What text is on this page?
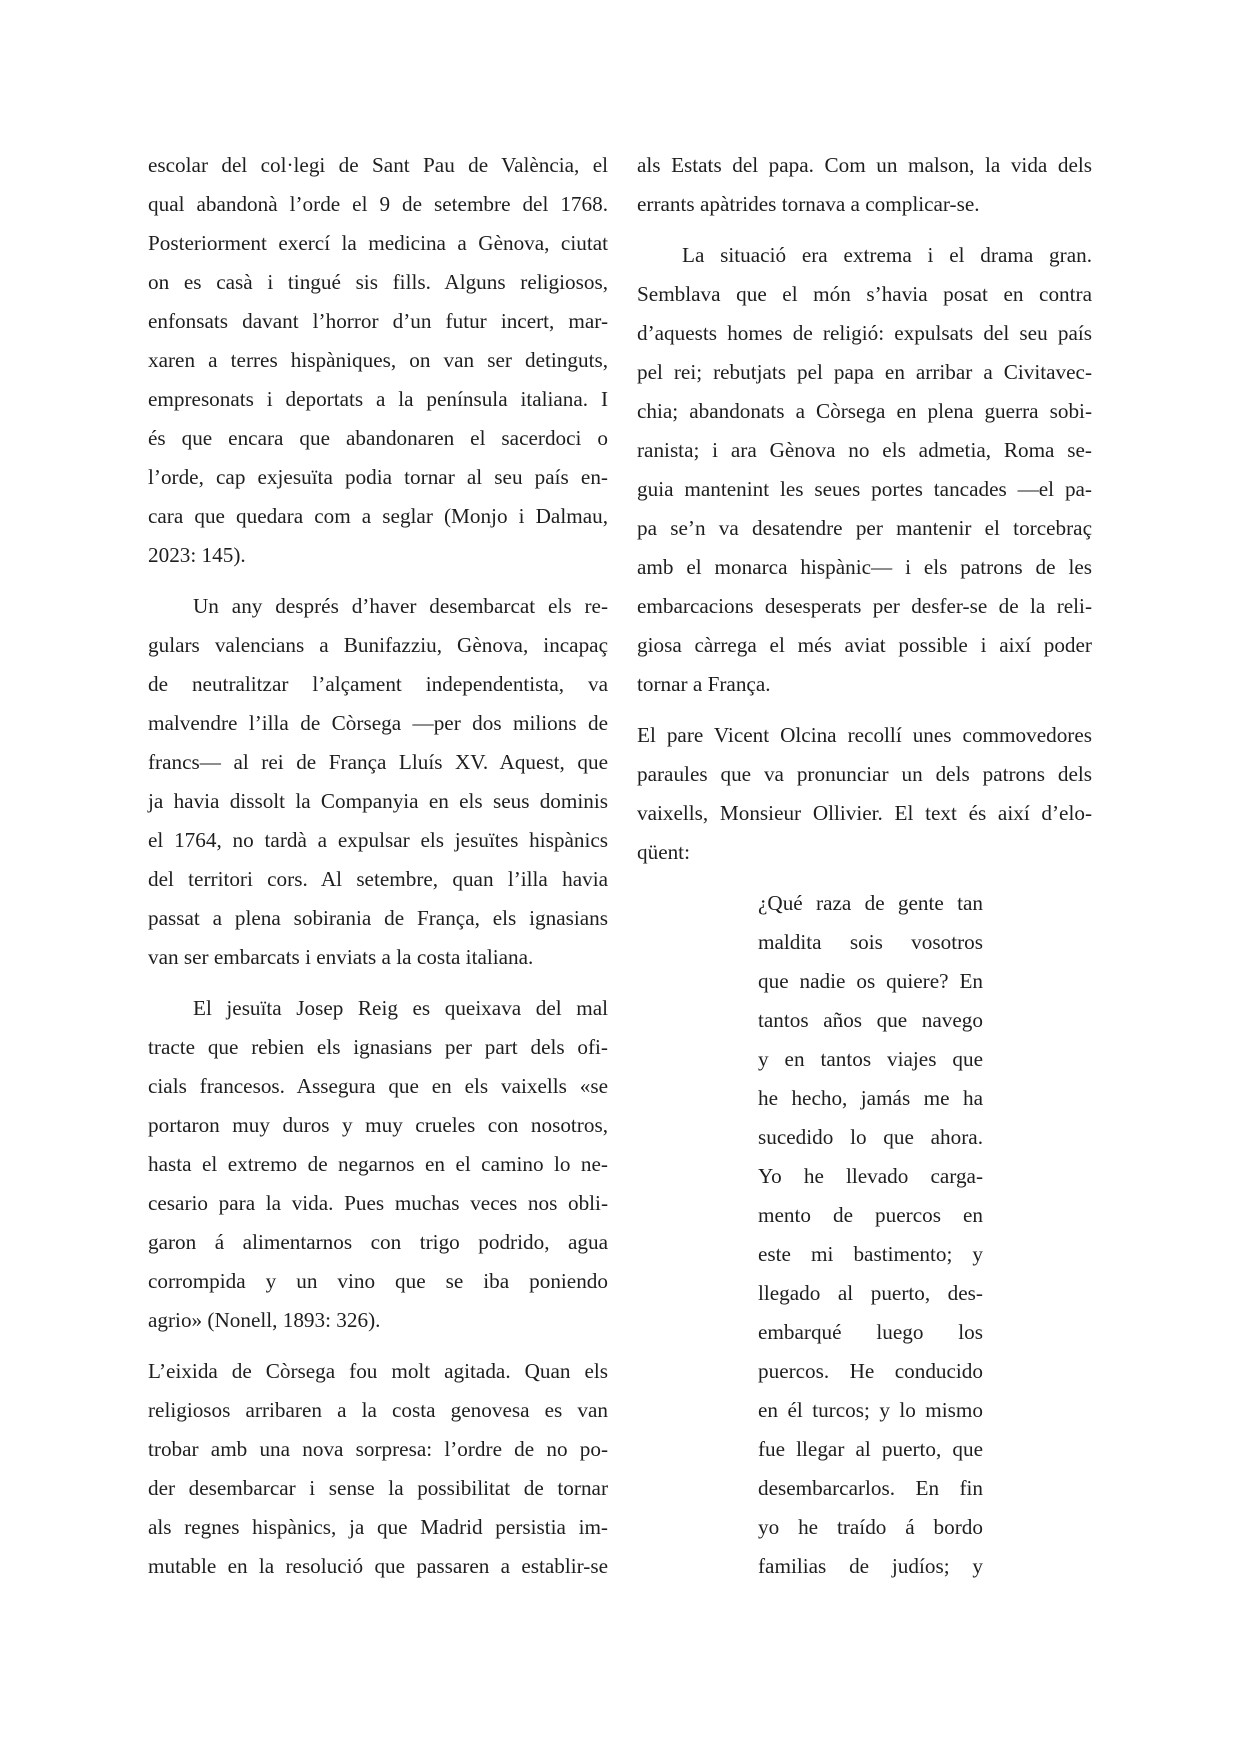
escolar del col·legi de Sant Pau de València, el
qual abandonà l’orde el 9 de setembre del 1768.
Posteriorment exercí la medicina a Gènova, ciutat
on es casà i tingué sis fills. Alguns religiosos,
enfonsats davant l’horror d’un futur incert, mar-
xaren a terres hispàniques, on van ser detinguts,
empresonats i deportats a la península italiana. I
és que encara que abandonaren el sacerdoci o
l’orde, cap exjesuïta podia tornar al seu país en-
cara que quedara com a seglar (Monjo i Dalmau,
2023: 145).
Un any després d’haver desembarcat els re-
gulars valencians a Bunifazziu, Gènova, incapaç
de neutralitzar l’alçament independentista, va
malvendre l’illa de Còrsega —per dos milions de
francs— al rei de França Lluís XV. Aquest, que
ja havia dissolt la Companyia en els seus dominis
el 1764, no tardà a expulsar els jesuïtes hispànics
del territori cors. Al setembre, quan l’illa havia
passat a plena sobirania de França, els ignasians
van ser embarcats i enviats a la costa italiana.
El jesuïta Josep Reig es queixava del mal
tracte que rebien els ignasians per part dels ofi-
cials francesos. Assegura que en els vaixells «se
portaron muy duros y muy crueles con nosotros,
hasta el extremo de negarnos en el camino lo ne-
cesario para la vida. Pues muchas veces nos obli-
garon á alimentarnos con trigo podrido, agua
corrompida y un vino que se iba poniendo
agrio» (Nonell, 1893: 326).
L’eixida de Còrsega fou molt agitada. Quan els
religiosos arribaren a la costa genovesa es van
trobar amb una nova sorpresa: l’ordre de no po-
der desembarcar i sense la possibilitat de tornar
als regnes hispànics, ja que Madrid persistia im-
mutable en la resolució que passaren a establir-se
als Estats del papa. Com un malson, la vida dels
errants apàtrides tornava a complicar-se.
La situació era extrema i el drama gran.
Semblava que el món s’havia posat en contra
d’aquests homes de religió: expulsats del seu país
pel rei; rebutjats pel papa en arribar a Civitavec-
chia; abandonats a Còrsega en plena guerra sobi-
ranista; i ara Gènova no els admetia, Roma se-
guia mantenint les seues portes tancades —el pa-
pa se’n va desatendre per mantenir el torcebraç
amb el monarca hispànic— i els patrons de les
embarcacions desesperats per desfer-se de la reli-
giosa càrrega el més aviat possible i així poder
tornar a França.
El pare Vicent Olcina recollí unes commovedores
paraules que va pronunciar un dels patrons dels
vaixells, Monsieur Ollivier. El text és així d’elo-
qüent:
¿Qué raza de gente tan
maldita sois vosotros
que nadie os quiere? En
tantos años que navego
y en tantos viajes que
he hecho, jamás me ha
sucedido lo que ahora.
Yo he llevado carga-
mento de puercos en
este mi bastimento; y
llegado al puerto, des-
embarqué luego los
puercos. He conducido
en él turcos; y lo mismo
fue llegar al puerto, que
desembarcarlos. En fin
yo he traído á bordo
familias de judíos; y
